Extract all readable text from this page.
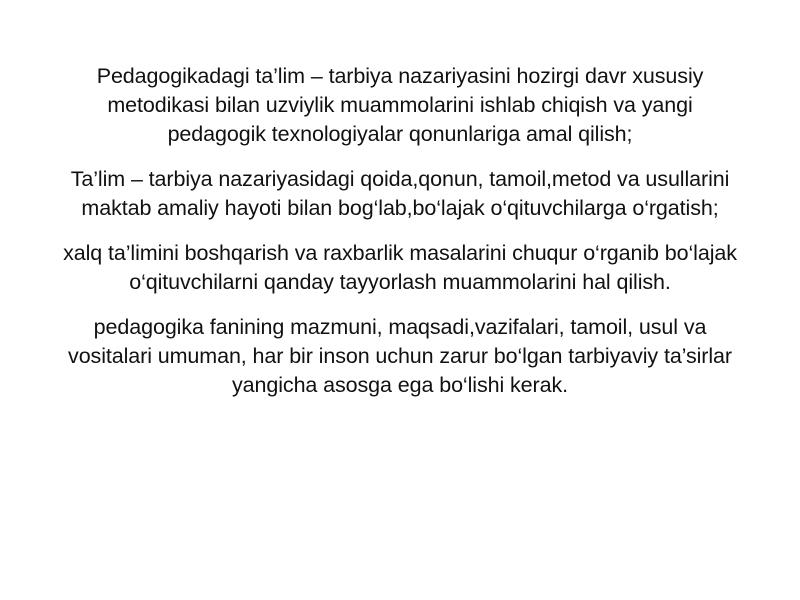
Pedagogikadagi ta’lim – tarbiya nazariyasini hozirgi davr xususiy metodikasi bilan uzviylik muammolarini ishlab chiqish va yangi pedagogik texnologiyalar qonunlariga amal qilish;

Ta’lim – tarbiya nazariyasidagi qoida,qonun, tamoil,metod va usullarini maktab amaliy hayoti bilan bog‘lab,bo‘lajak o‘qituvchilarga o‘rgatish;

xalq ta’limini boshqarish va raxbarlik masalarini chuqur o‘rganib bo‘lajak o‘qituvchilarni qanday tayyorlash muammolarini hal qilish.

pedagogika fanining mazmuni, maqsadi,vazifalari, tamoil, usul va vositalari umuman, har bir inson uchun zarur bo‘lgan tarbiyaviy ta’sirlar yangicha asosga ega bo‘lishi kerak.
